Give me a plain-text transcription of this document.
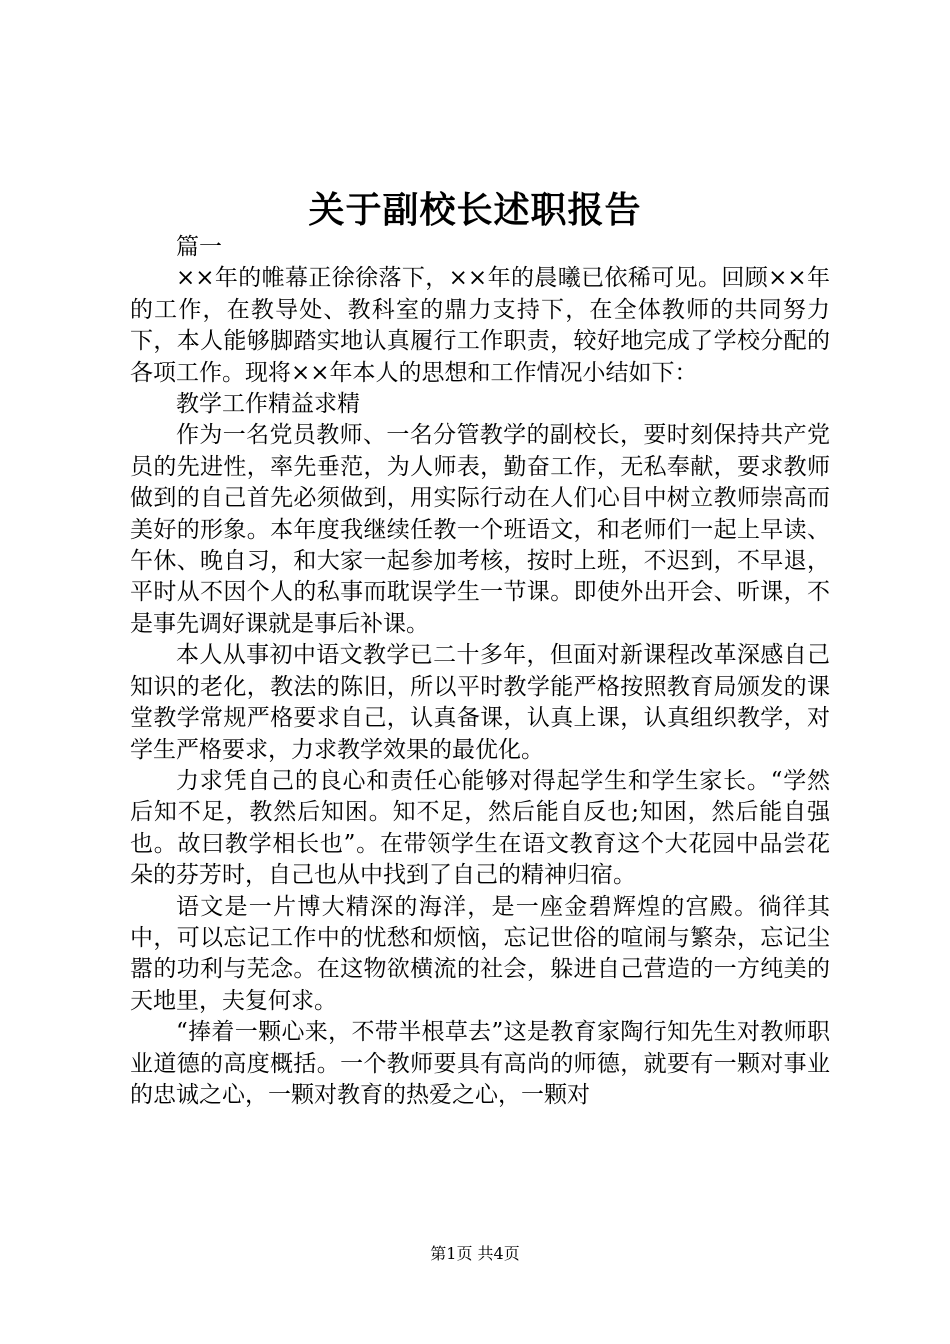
关于副校长述职报告

篇一

××年的帷幕正徐徐落下，××年的晨曦已依稀可见。回顾××年的工作，在教导处、教科室的鼎力支持下，在全体教师的共同努力下，本人能够脚踏实地认真履行工作职责，较好地完成了学校分配的各项工作。现将××年本人的思想和工作情况小结如下：

教学工作精益求精

作为一名党员教师、一名分管教学的副校长，要时刻保持共产党员的先进性，率先垂范，为人师表，勤奋工作，无私奉献，要求教师做到的自己首先必须做到，用实际行动在人们心目中树立教师崇高而美好的形象。本年度我继续任教一个班语文，和老师们一起上早读、午休、晚自习，和大家一起参加考核，按时上班，不迟到，不早退，平时从不因个人的私事而耽误学生一节课。即使外出开会、听课，不是事先调好课就是事后补课。

本人从事初中语文教学已二十多年，但面对新课程改革深感自己知识的老化，教法的陈旧，所以平时教学能严格按照教育局颁发的课堂教学常规严格要求自己，认真备课，认真上课，认真组织教学，对学生严格要求，力求教学效果的最优化。

力求凭自己的良心和责任心能够对得起学生和学生家长。“学然后知不足，教然后知困。知不足，然后能自反也;知困，然后能自强也。故曰教学相长也”。在带领学生在语文教育这个大花园中品尝花朵的芬芳时，自己也从中找到了自己的精神归宿。

语文是一片博大精深的海洋，是一座金碧辉煌的宫殿。徜徉其中，可以忘记工作中的忧愁和烦恼，忘记世俗的喧闹与繁杂，忘记尘嚣的功利与芜念。在这物欲横流的社会，躲进自己营造的一方纯美的天地里，夫复何求。

“捧着一颗心来，不带半根草去”这是教育家陶行知先生对教师职业道德的高度概括。一个教师要具有高尚的师德，就要有一颗对事业的忠诚之心，一颗对教育的热爱之心，一颗对

第1页 共4页
